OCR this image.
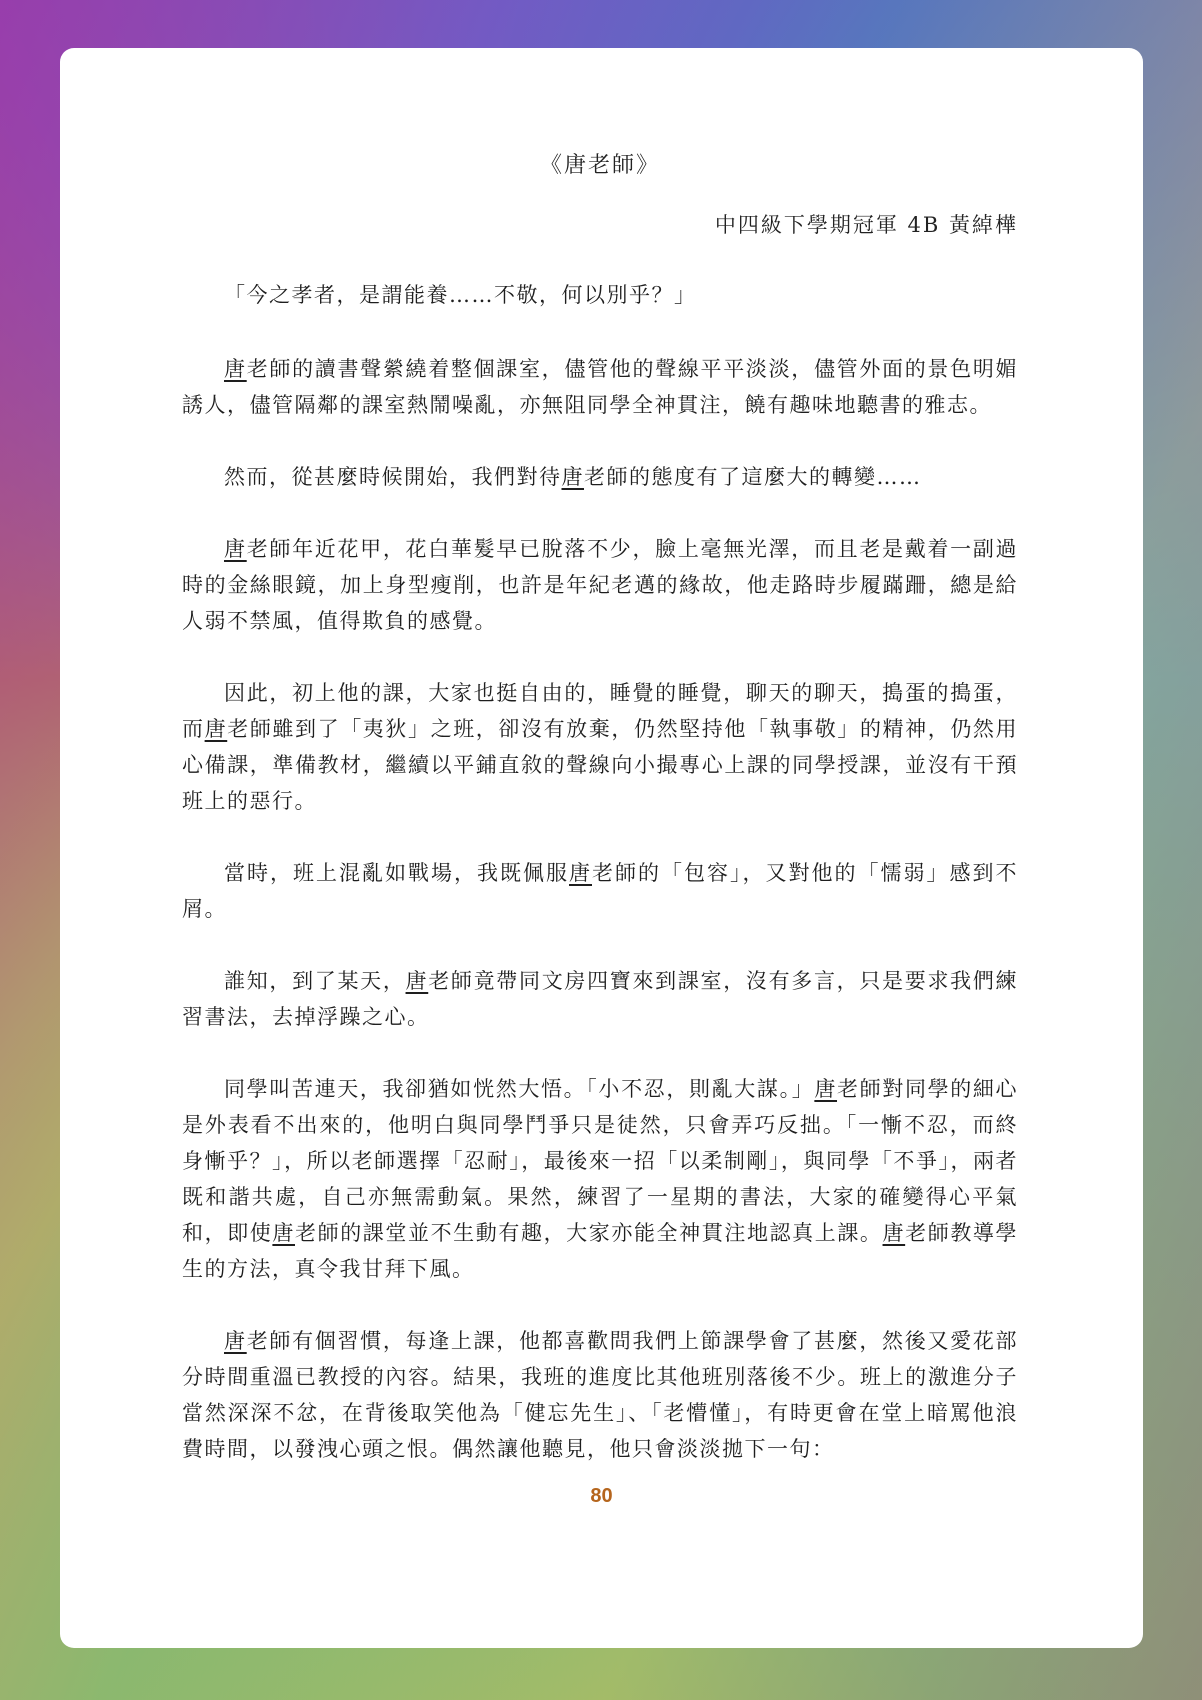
《唐老師》
中四級下學期冠軍 4B 黃綽樺
「今之孝者，是謂能養……不敬，何以別乎？」

唐老師的讀書聲縈繞着整個課室，儘管他的聲線平平淡淡，儘管外面的景色明媚誘人，儘管隔鄰的課室熱鬧噪亂，亦無阻同學全神貫注，饒有趣味地聽書的雅志。

然而，從甚麼時候開始，我們對待唐老師的態度有了這麼大的轉變……

唐老師年近花甲，花白華髮早已脫落不少，臉上毫無光澤，而且老是戴着一副過時的金絲眼鏡，加上身型瘦削，也許是年紀老邁的緣故，他走路時步履蹣跚，總是給人弱不禁風，值得欺負的感覺。

因此，初上他的課，大家也挺自由的，睡覺的睡覺，聊天的聊天，搗蛋的搗蛋，而唐老師雖到了「夷狄」之班，卻沒有放棄，仍然堅持他「執事敬」的精神，仍然用心備課，準備教材，繼續以平鋪直敘的聲線向小撮專心上課的同學授課，並沒有干預班上的惡行。

當時，班上混亂如戰場，我既佩服唐老師的「包容」，又對他的「懦弱」感到不屑。

誰知，到了某天，唐老師竟帶同文房四寶來到課室，沒有多言，只是要求我們練習書法，去掉浮躁之心。

同學叫苦連天，我卻猶如恍然大悟。「小不忍，則亂大謀。」唐老師對同學的細心是外表看不出來的，他明白與同學鬥爭只是徒然，只會弄巧反拙。「一慚不忍，而終身慚乎？」，所以老師選擇「忍耐」，最後來一招「以柔制剛」，與同學「不爭」，兩者既和諧共處，自己亦無需動氣。果然，練習了一星期的書法，大家的確變得心平氣和，即使唐老師的課堂並不生動有趣，大家亦能全神貫注地認真上課。唐老師教導學生的方法，真令我甘拜下風。

唐老師有個習慣，每逢上課，他都喜歡問我們上節課學會了甚麼，然後又愛花部分時間重溫已教授的內容。結果，我班的進度比其他班別落後不少。班上的激進分子當然深深不忿，在背後取笑他為「健忘先生」、「老懵懂」，有時更會在堂上暗罵他浪費時間，以發洩心頭之恨。偶然讓他聽見，他只會淡淡拋下一句：

80
